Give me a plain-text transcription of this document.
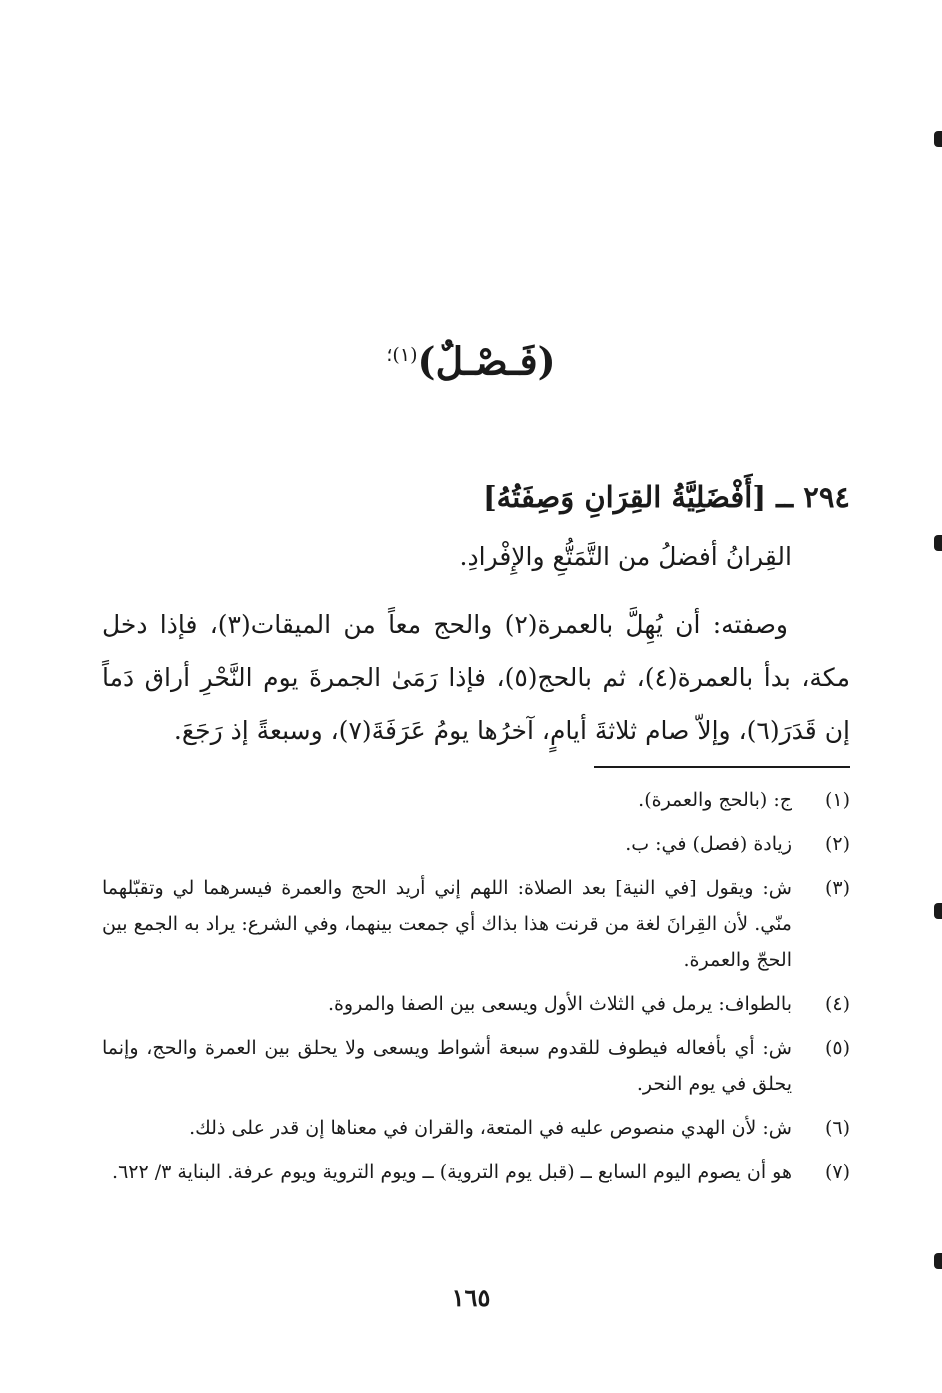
(فَـصْـلٌ)$^{(١)؛}$
٢٩٤ ــ [أَفْضَلِيَّةُ القِرَانِ وَصِفَتُهُ]
القِرانُ أفضلُ من التَّمَتُّعِ والإِفْرادِ.

وصفته: أن يُهِلَّ بالعمرة(٢) والحج معاً من الميقات(٣)، فإذا دخل مكة، بدأ بالعمرة(٤)، ثم بالحج(٥)، فإذا رَمَىٰ الجمرةَ يوم النَّحْرِ أراق دَماً إن قَدَرَ(٦)، وإلاّ صام ثلاثةَ أيامٍ، آخرُها يومُ عَرَفَةَ(٧)، وسبعةً إذ رَجَعَ.

(١)
ج: (بالحج والعمرة).
(٢)
زيادة (فصل) في: ب.
(٣)
ش: ويقول [في النية] بعد الصلاة: اللهم إني أريد الحج والعمرة فيسرهما لي وتقبّلهما منّي. لأن القِرانَ لغة من قرنت هذا بذاك أي جمعت بينهما، وفي الشرع: يراد به الجمع بين الحجّ والعمرة.
(٤)
بالطواف: يرمل في الثلاث الأول ويسعى بين الصفا والمروة.
(٥)
ش: أي بأفعاله فيطوف للقدوم سبعة أشواط ويسعى ولا يحلق بين العمرة والحج، وإنما يحلق في يوم النحر.
(٦)
ش: لأن الهدي منصوص عليه في المتعة، والقران في معناها إن قدر على ذلك.
(٧)
هو أن يصوم اليوم السابع ــ (قبل يوم التروية) ــ ويوم التروية ويوم عرفة. البناية ٣/ ٦٢٢.
١٦٥
